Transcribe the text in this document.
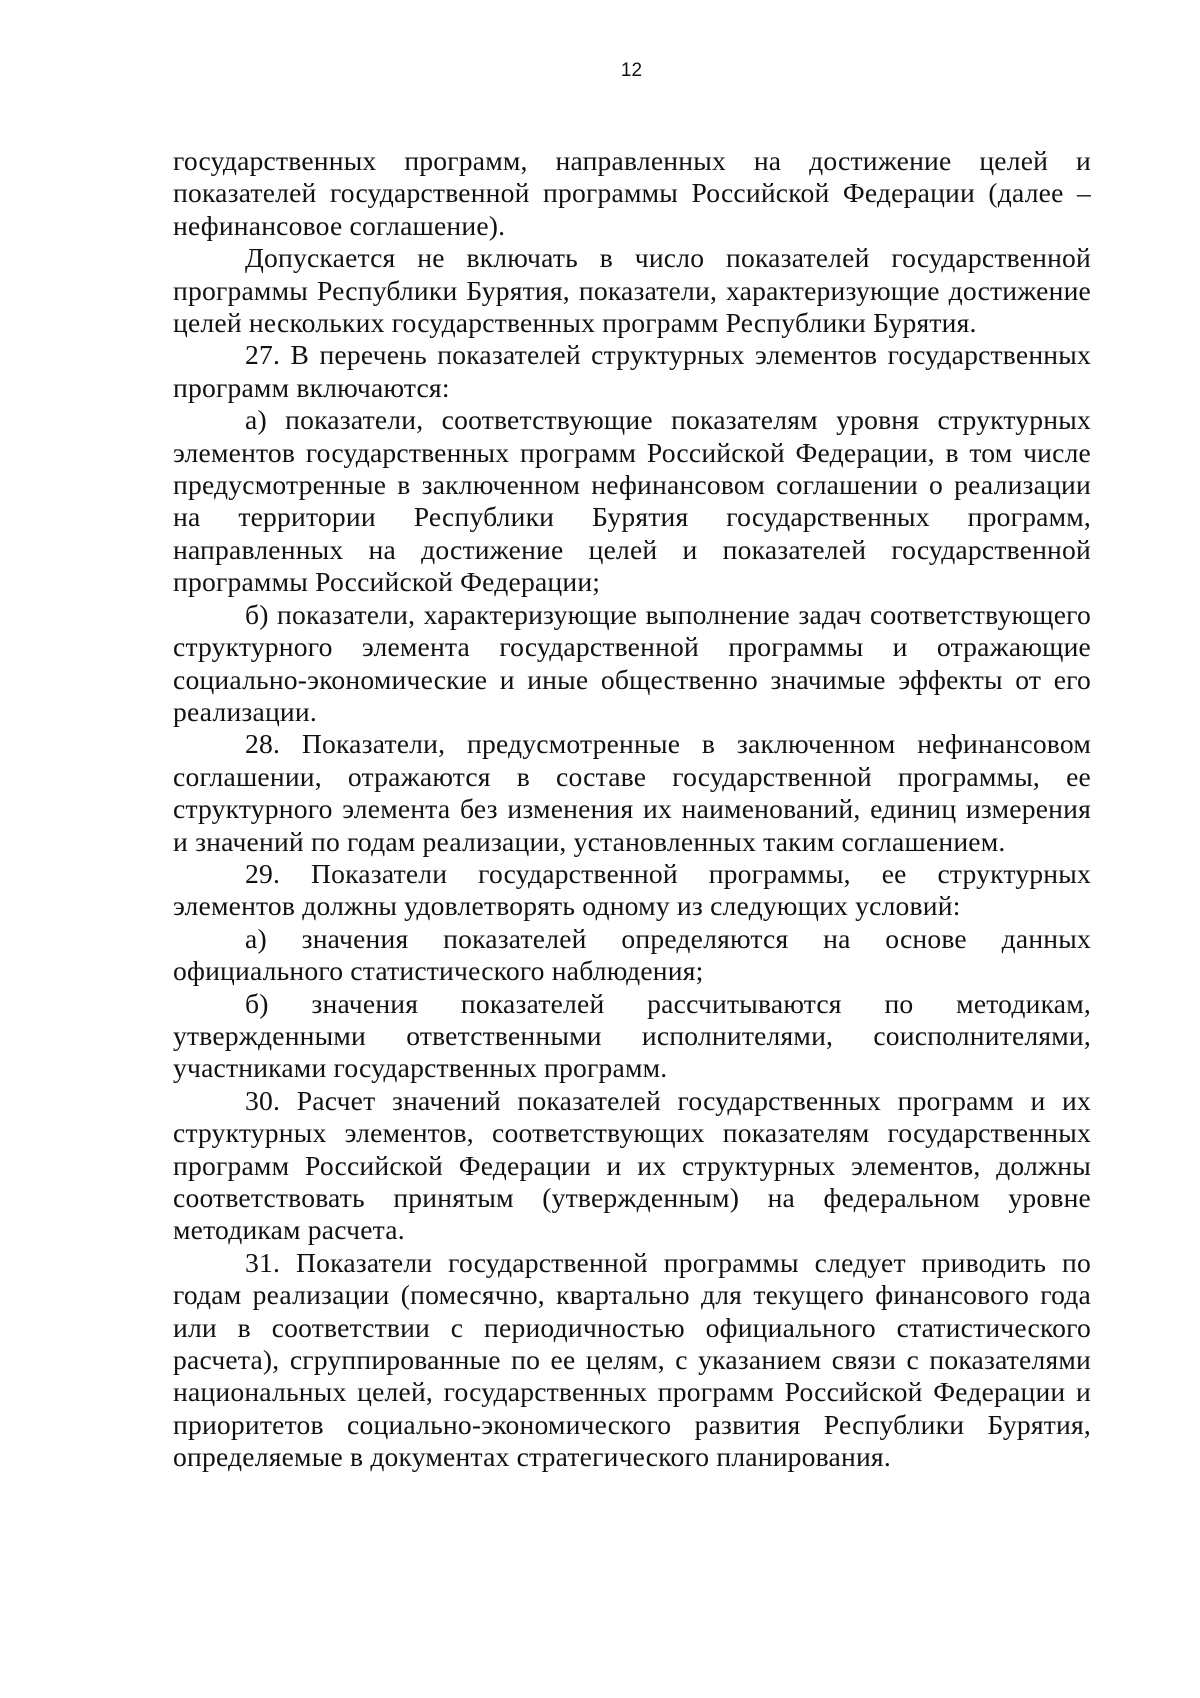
12

государственных программ, направленных на достижение целей и показателей государственной программы Российской Федерации (далее – нефинансовое соглашение).

Допускается не включать в число показателей государственной программы Республики Бурятия, показатели, характеризующие достижение целей нескольких государственных программ Республики Бурятия.

27. В перечень показателей структурных элементов государственных программ включаются:

а) показатели, соответствующие показателям уровня структурных элементов государственных программ Российской Федерации, в том числе предусмотренные в заключенном нефинансовом соглашении о реализации на территории Республики Бурятия государственных программ, направленных на достижение целей и показателей государственной программы Российской Федерации;

б) показатели, характеризующие выполнение задач соответствующего структурного элемента государственной программы и отражающие социально-экономические и иные общественно значимые эффекты от его реализации.

28. Показатели, предусмотренные в заключенном нефинансовом соглашении, отражаются в составе государственной программы, ее структурного элемента без изменения их наименований, единиц измерения и значений по годам реализации, установленных таким соглашением.

29. Показатели государственной программы, ее структурных элементов должны удовлетворять одному из следующих условий:

а) значения показателей определяются на основе данных официального статистического наблюдения;

б) значения показателей рассчитываются по методикам, утвержденными ответственными исполнителями, соисполнителями, участниками государственных программ.

30. Расчет значений показателей государственных программ и их структурных элементов, соответствующих показателям государственных программ Российской Федерации и их структурных элементов, должны соответствовать принятым (утвержденным) на федеральном уровне методикам расчета.

31. Показатели государственной программы следует приводить по годам реализации (помесячно, квартально для текущего финансового года или в соответствии с периодичностью официального статистического расчета), сгруппированные по ее целям, с указанием связи с показателями национальных целей, государственных программ Российской Федерации и приоритетов социально-экономического развития Республики Бурятия, определяемые в документах стратегического планирования.
